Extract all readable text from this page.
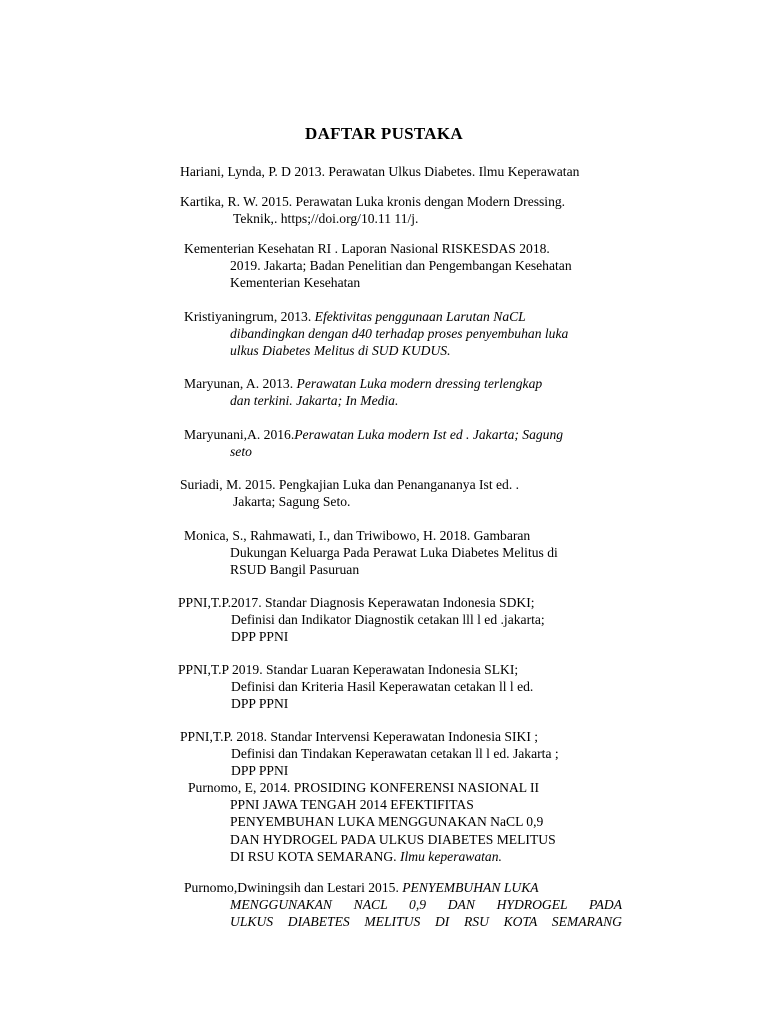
DAFTAR PUSTAKA
Hariani, Lynda, P. D 2013. Perawatan Ulkus Diabetes. Ilmu Keperawatan
Kartika, R. W. 2015. Perawatan Luka kronis dengan Modern Dressing.
Teknik,. https;//doi.org/10.11 11/j.
Kementerian Kesehatan RI . Laporan Nasional RISKESDAS 2018.
2019. Jakarta; Badan Penelitian dan Pengembangan Kesehatan
Kementerian Kesehatan
Kristiyaningrum, 2013. Efektivitas penggunaan Larutan NaCL
dibandingkan dengan d40 terhadap proses penyembuhan luka
ulkus Diabetes Melitus di SUD KUDUS.
Maryunan, A. 2013. Perawatan Luka modern dressing terlengkap
dan terkini. Jakarta; In Media.
Maryunani,A. 2016.Perawatan Luka modern Ist ed . Jakarta; Sagung
seto
Suriadi, M. 2015. Pengkajian Luka dan Penangananya Ist ed. .
Jakarta; Sagung Seto.
Monica, S., Rahmawati, I., dan Triwibowo, H. 2018. Gambaran
Dukungan Keluarga Pada Perawat Luka Diabetes Melitus di
RSUD Bangil Pasuruan
PPNI,T.P.2017. Standar Diagnosis Keperawatan Indonesia SDKI;
Definisi dan Indikator Diagnostik cetakan lll l ed .jakarta;
DPP PPNI
PPNI,T.P 2019. Standar Luaran Keperawatan Indonesia SLKI;
Definisi dan Kriteria Hasil Keperawatan cetakan ll l ed.
DPP PPNI
PPNI,T.P. 2018. Standar Intervensi Keperawatan Indonesia SIKI ;
Definisi dan Tindakan Keperawatan cetakan ll l ed. Jakarta ;
DPP PPNI
Purnomo, E, 2014. PROSIDING KONFERENSI NASIONAL II
PPNI JAWA TENGAH 2014 EFEKTIFITAS
PENYEMBUHAN LUKA MENGGUNAKAN NaCL 0,9
DAN HYDROGEL PADA ULKUS DIABETES MELITUS
DI RSU KOTA SEMARANG. Ilmu keperawatan.
Purnomo,Dwiningsih dan Lestari 2015. PENYEMBUHAN LUKA
MENGGUNAKAN NACL 0,9 DAN HYDROGEL PADA
ULKUS DIABETES MELITUS DI RSU KOTA SEMARANG
